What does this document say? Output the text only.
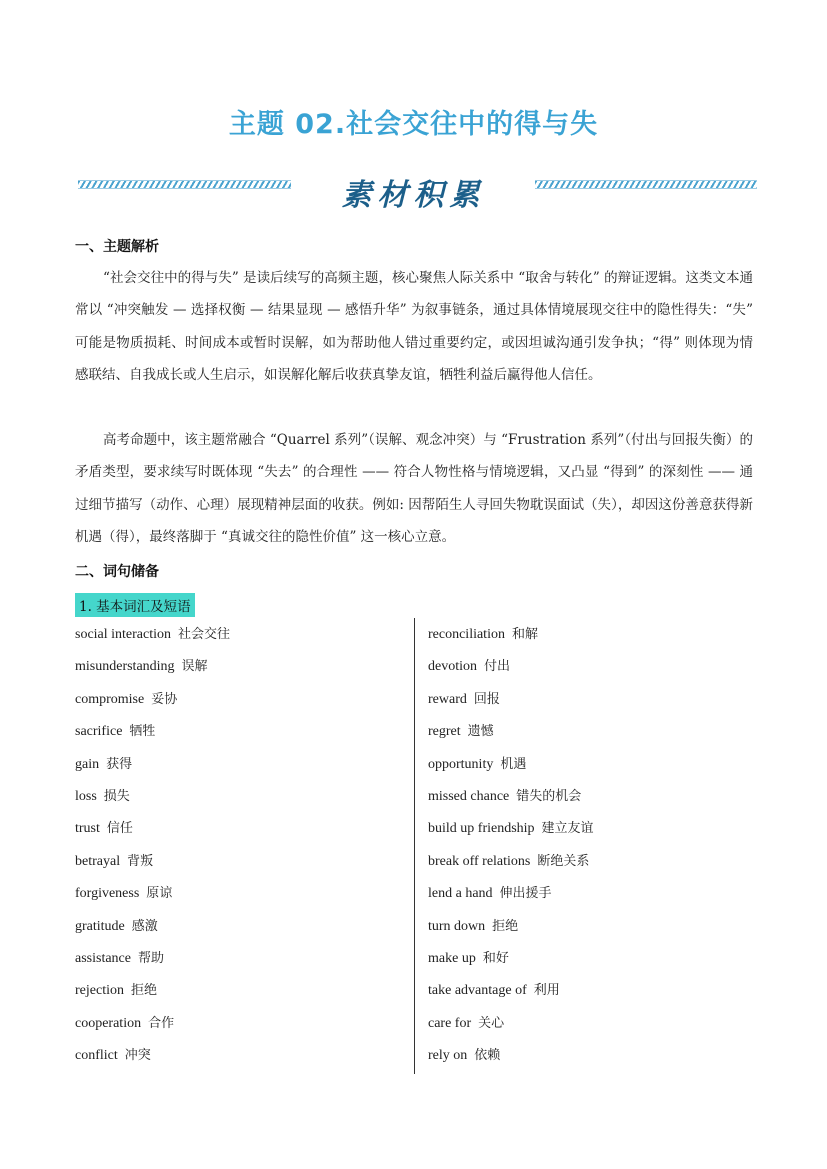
主题 02.社会交往中的得与失
素材积累
一、主题解析
“社会交往中的得与失” 是读后续写的高频主题，核心聚焦人际关系中 “取舍与转化” 的辩证逻辑。这类文本通常以 “冲突触发 — 选择权衡 — 结果显现 — 感悟升华” 为叙事链条，通过具体情境展现交往中的隐性得失：“失” 可能是物质损耗、时间成本或暂时误解，如为帮助他人错过重要约定，或因坦诚沟通引发争执；“得” 则体现为情感联结、自我成长或人生启示，如误解化解后收获真挚友谊，牺牲利益后赢得他人信任。
高考命题中，该主题常融合 “Quarrel 系列”（误解、观念冲突）与 “Frustration 系列”（付出与回报失衡）的矛盾类型，要求续写时既体现 “失去” 的合理性 —— 符合人物性格与情境逻辑，又凸显 “得到” 的深刻性 —— 通过细节描写（动作、心理）展现精神层面的收获。例如: 因帮陌生人寻回失物耽误面试（失），却因这份善意获得新机遇（得），最终落脚于 “真诚交往的隐性价值” 这一核心立意。
二、词句储备
1. 基本词汇及短语
social interaction 社会交往
misunderstanding 误解
compromise 妥协
sacrifice 牺牲
gain 获得
loss 损失
trust 信任
betrayal 背叛
forgiveness 原谅
gratitude 感激
assistance 帮助
rejection 拒绝
cooperation 合作
conflict 冲突
reconciliation 和解
devotion 付出
reward 回报
regret 遗憾
opportunity 机遇
missed chance 错失的机会
build up friendship 建立友谊
break off relations 断绝关系
lend a hand 伸出援手
turn down 拒绝
make up 和好
take advantage of 利用
care for 关心
rely on 依赖
